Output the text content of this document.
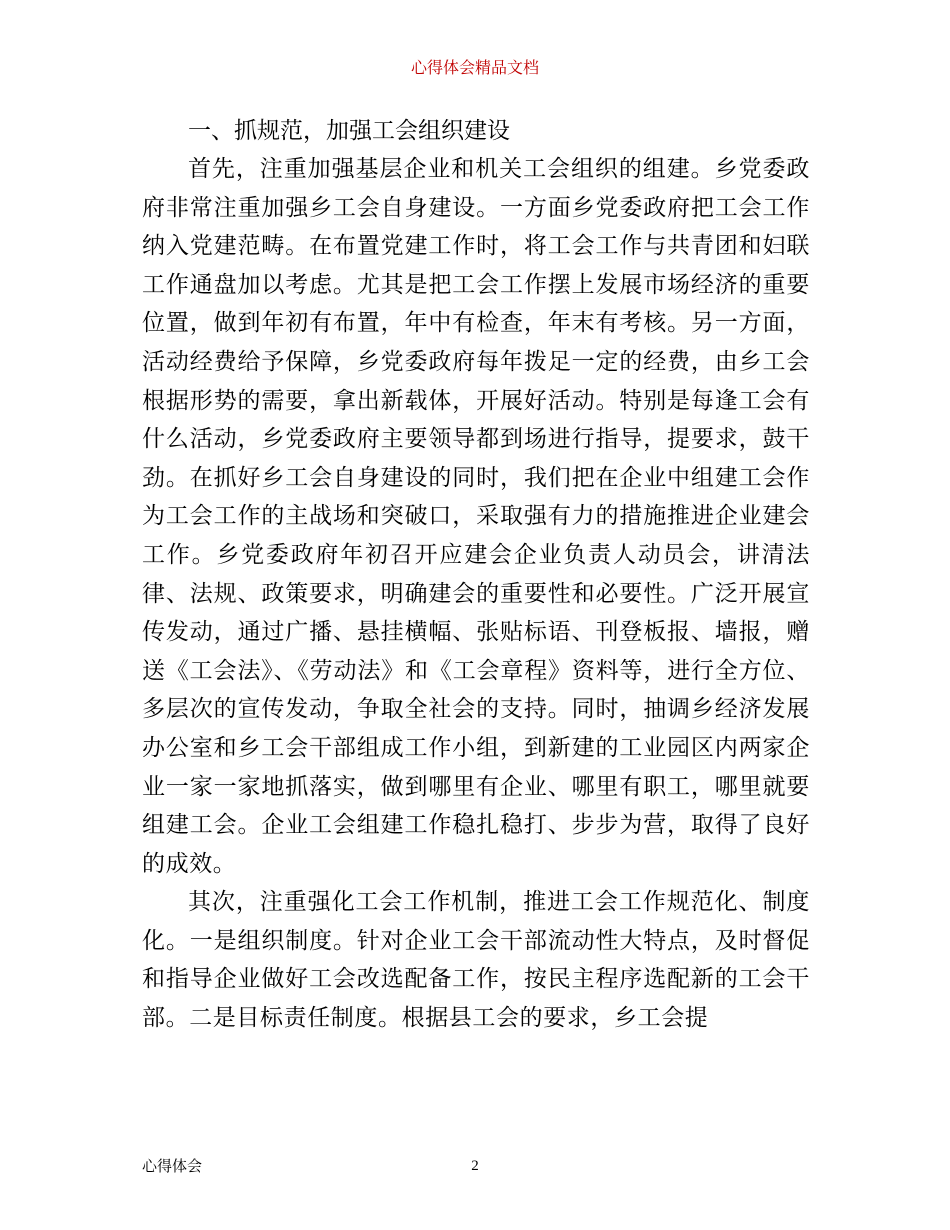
心得体会精品文档
一、抓规范，加强工会组织建设

首先，注重加强基层企业和机关工会组织的组建。乡党委政府非常注重加强乡工会自身建设。一方面乡党委政府把工会工作纳入党建范畴。在布置党建工作时，将工会工作与共青团和妇联工作通盘加以考虑。尤其是把工会工作摆上发展市场经济的重要位置，做到年初有布置，年中有检查，年末有考核。另一方面，活动经费给予保障，乡党委政府每年拨足一定的经费，由乡工会根据形势的需要，拿出新载体，开展好活动。特别是每逢工会有什么活动，乡党委政府主要领导都到场进行指导，提要求，鼓干劲。在抓好乡工会自身建设的同时，我们把在企业中组建工会作为工会工作的主战场和突破口，采取强有力的措施推进企业建会工作。乡党委政府年初召开应建会企业负责人动员会，讲清法律、法规、政策要求，明确建会的重要性和必要性。广泛开展宣传发动，通过广播、悬挂横幅、张贴标语、刊登板报、墙报，赠送《工会法》、《劳动法》和《工会章程》资料等，进行全方位、多层次的宣传发动，争取全社会的支持。同时，抽调乡经济发展办公室和乡工会干部组成工作小组，到新建的工业园区内两家企业一家一家地抓落实，做到哪里有企业、哪里有职工，哪里就要组建工会。企业工会组建工作稳扎稳打、步步为营，取得了良好的成效。

其次，注重强化工会工作机制，推进工会工作规范化、制度化。一是组织制度。针对企业工会干部流动性大特点，及时督促和指导企业做好工会改选配备工作，按民主程序选配新的工会干部。二是目标责任制度。根据县工会的要求，乡工会提

心得体会	2
